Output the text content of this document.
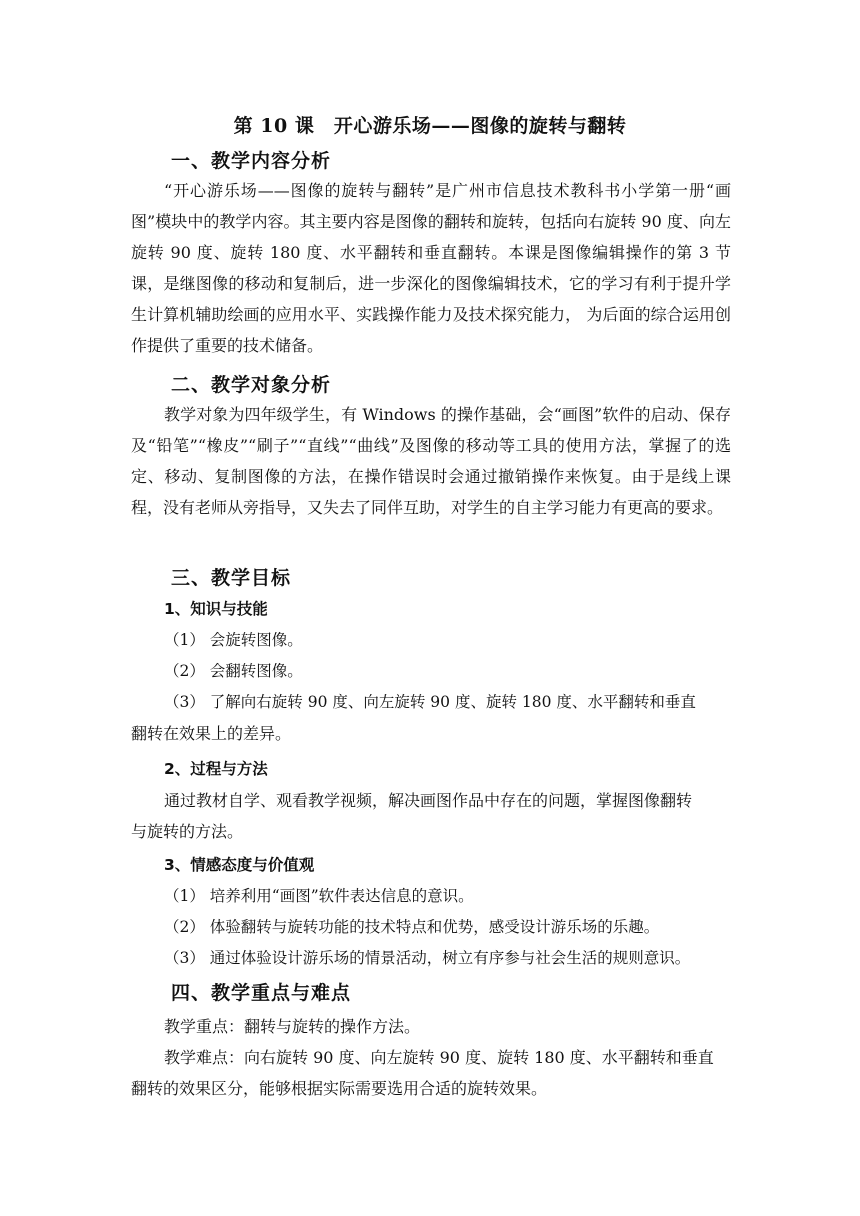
第 10 课　开心游乐场——图像的旋转与翻转
一、教学内容分析
“开心游乐场——图像的旋转与翻转”是广州市信息技术教科书小学第一册“画图”模块中的教学内容。其主要内容是图像的翻转和旋转，包括向右旋转 90 度、向左旋转 90 度、旋转 180 度、水平翻转和垂直翻转。本课是图像编辑操作的第 3 节课，是继图像的移动和复制后，进一步深化的图像编辑技术，它的学习有利于提升学生计算机辅助绘画的应用水平、实践操作能力及技术探究能力， 为后面的综合运用创作提供了重要的技术储备。
二、教学对象分析
教学对象为四年级学生，有 Windows 的操作基础，会“画图”软件的启动、保存及“铅笔”“橡皮”“刷子”“直线”“曲线”及图像的移动等工具的使用方法，掌握了的选定、移动、复制图像的方法，在操作错误时会通过撤销操作来恢复。由于是线上课程，没有老师从旁指导，又失去了同伴互助，对学生的自主学习能力有更高的要求。
三、教学目标
1、知识与技能
（1） 会旋转图像。
（2） 会翻转图像。
（3） 了解向右旋转 90 度、向左旋转 90 度、旋转 180 度、水平翻转和垂直
翻转在效果上的差异。
2、过程与方法
通过教材自学、观看教学视频，解决画图作品中存在的问题，掌握图像翻转
与旋转的方法。
3、情感态度与价值观
（1） 培养利用“画图”软件表达信息的意识。
（2） 体验翻转与旋转功能的技术特点和优势，感受设计游乐场的乐趣。
（3） 通过体验设计游乐场的情景活动，树立有序参与社会生活的规则意识。
四、教学重点与难点
教学重点：翻转与旋转的操作方法。
教学难点：向右旋转 90 度、向左旋转 90 度、旋转 180 度、水平翻转和垂直
翻转的效果区分，能够根据实际需要选用合适的旋转效果。
